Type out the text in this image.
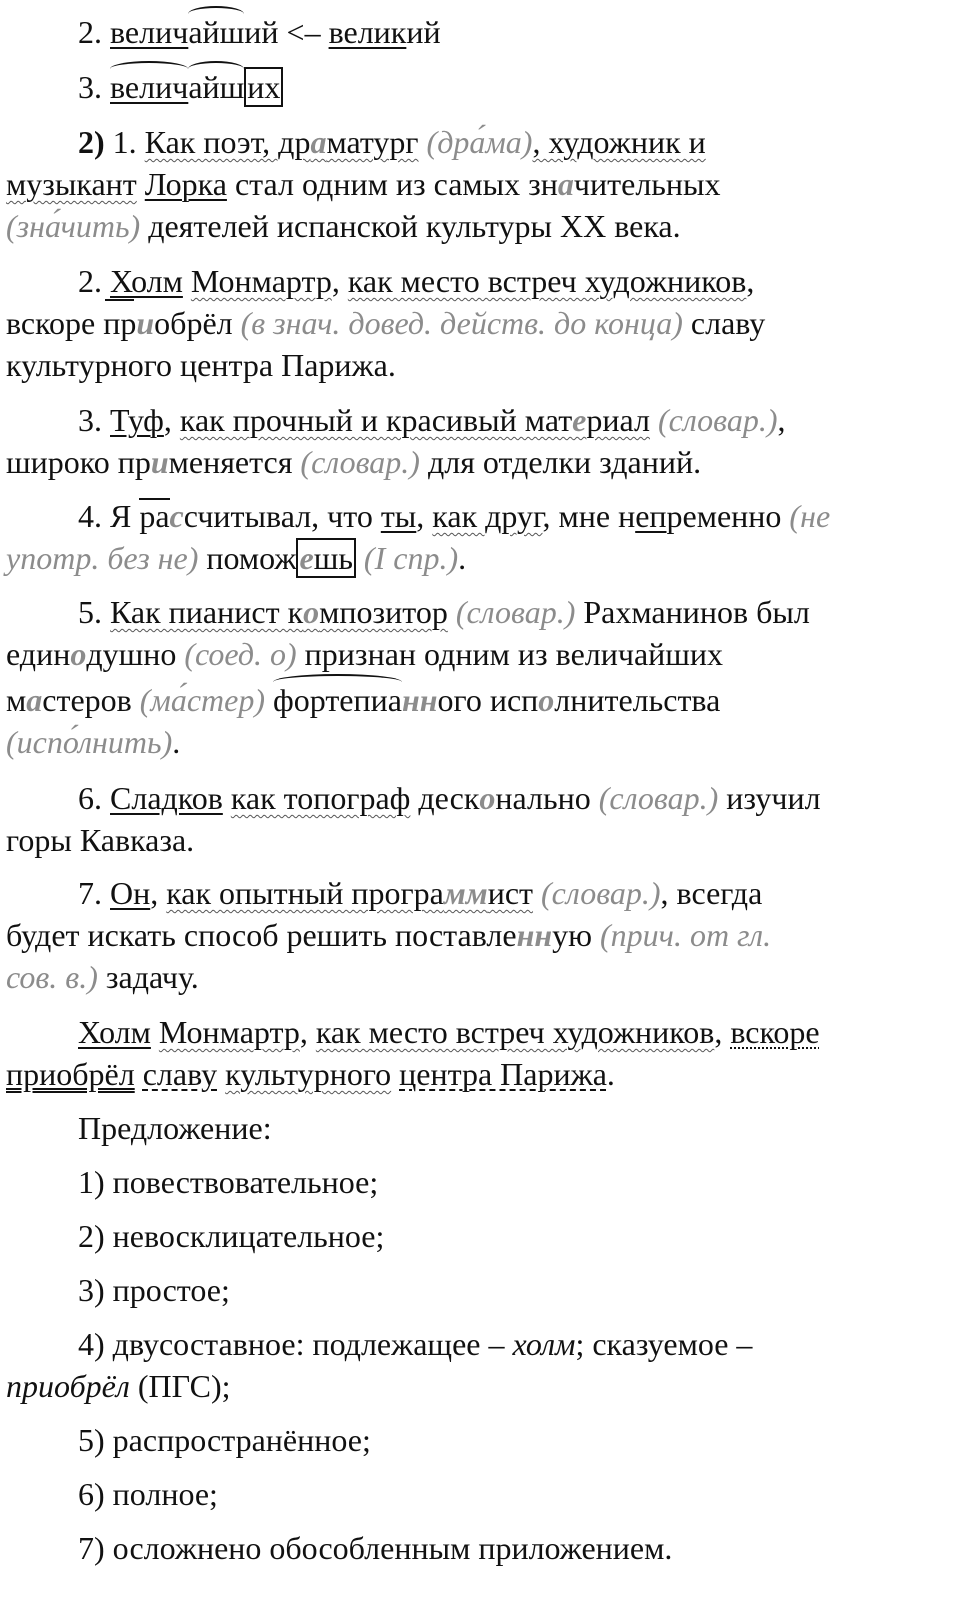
2. величайший <– великий
3. величайших
2) 1. Как поэт, драматург (дра́ма), художник и
музыкант Лорка стал одним из самых значительных
(зна́чить) деятелей испанской культуры XX века.
2. Холм Монмартр, как место встреч художников,
вскоре приобрёл (в знач. довед. действ. до конца) славу
культурного центра Парижа.
3. Туф, как прочный и красивый материал (словар.),
широко применяется (словар.) для отделки зданий.
4. Я рассчитывал, что ты, как друг, мне непременно (не
употр. без не) поможешь (I спр.).
5. Как пианист композитор (словар.) Рахманинов был
единодушно (соед. о) признан одним из величайших
мастеров (ма́стер) фортепианного исполнительства
(испо́лнить).
6. Сладков как топограф десконально (словар.) изучил
горы Кавказа.
7. Он, как опытный программист (словар.), всегда
будет искать способ решить поставленную (прич. от гл.
сов. в.) задачу.
Холм Монмартр, как место встреч художников, вскоре
приобрёл славу культурного центра Парижа.
Предложение:
1) повествовательное;
2) невосклицательное;
3) простое;
4) двусоставное: подлежащее – холм; сказуемое –
приобрёл (ПГС);
5) распространённое;
6) полное;
7) осложнено обособленным приложением.
